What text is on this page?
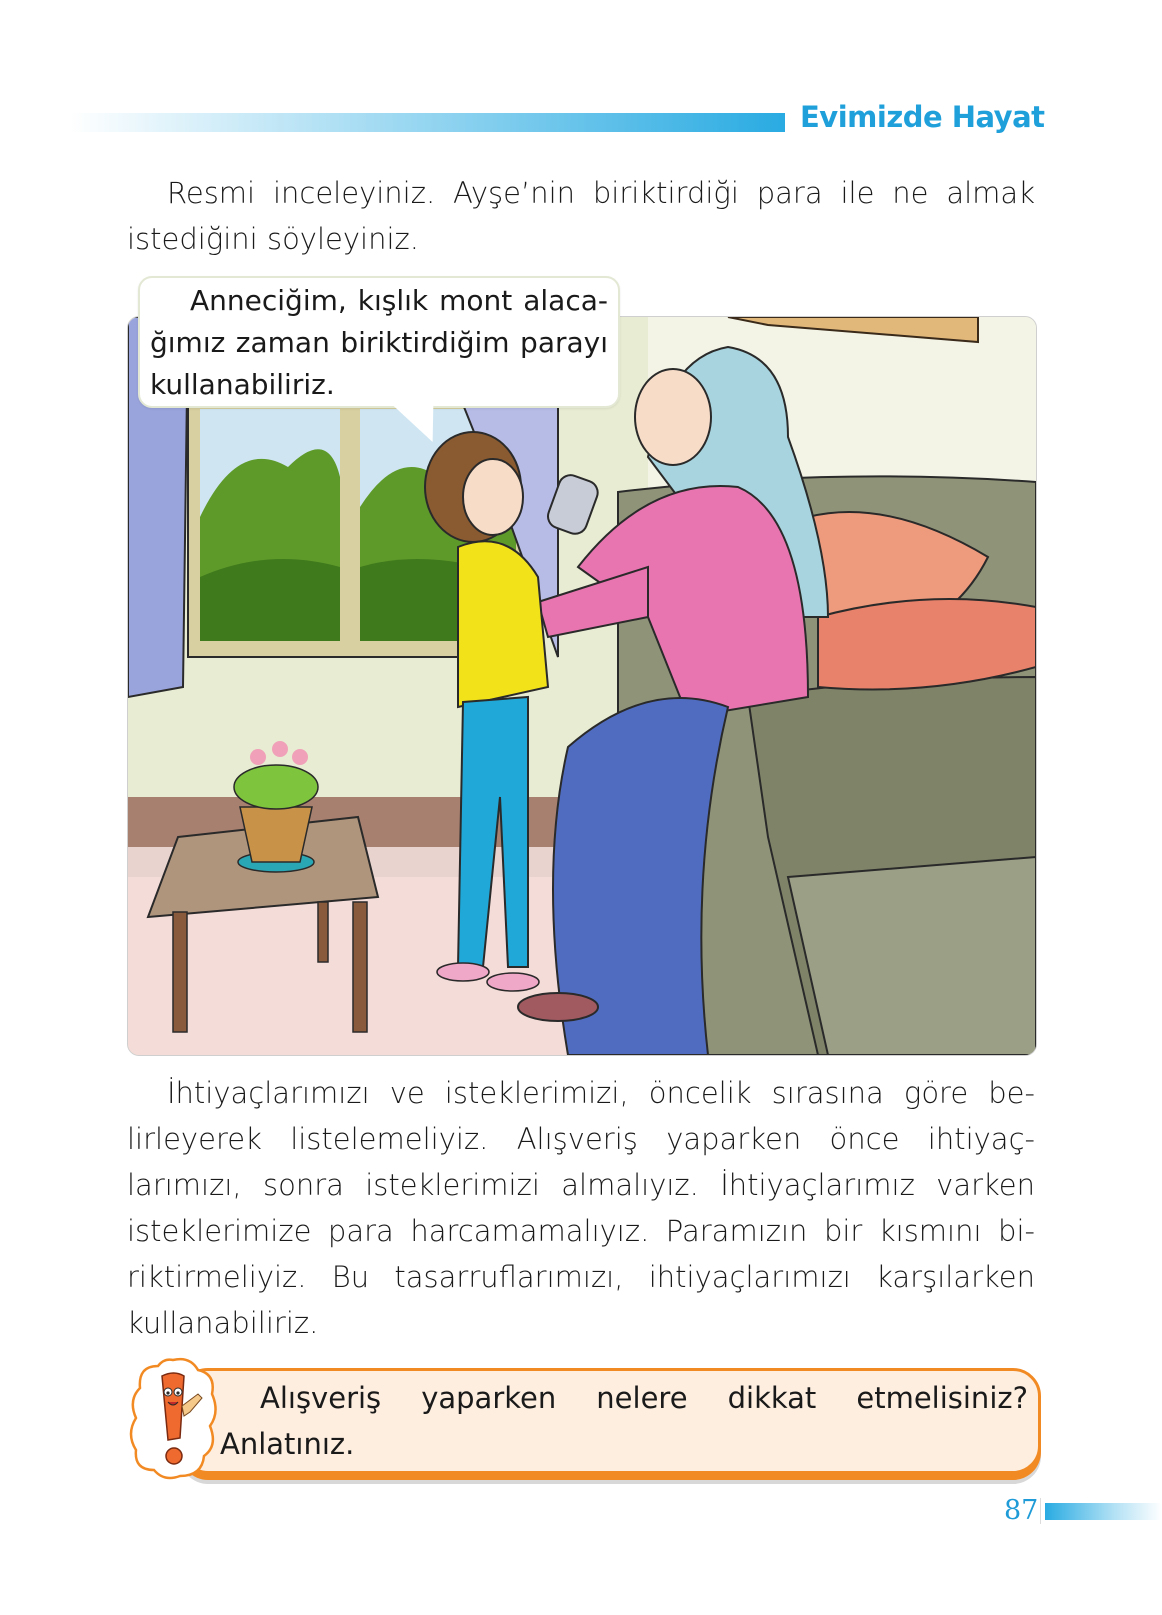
Evimizde Hayat
Resmi inceleyiniz. Ayşe’nin biriktirdiği para ile ne almak
istediğini söyleyiniz.
Anneciğim, kışlık mont alaca-
ğımız zaman biriktirdiğim parayı
kullanabiliriz.
İhtiyaçlarımızı ve isteklerimizi, öncelik sırasına göre be-
lirleyerek listelemeliyiz. Alışveriş yaparken önce ihtiyaç-
larımızı, sonra isteklerimizi almalıyız. İhtiyaçlarımız varken
isteklerimize para harcamamalıyız. Paramızın bir kısmını bi-
riktirmeliyiz. Bu tasarruflarımızı, ihtiyaçlarımızı karşılarken
kullanabiliriz.
Alışveriş yaparken nelere dikkat etmelisiniz?
Anlatınız.
87
